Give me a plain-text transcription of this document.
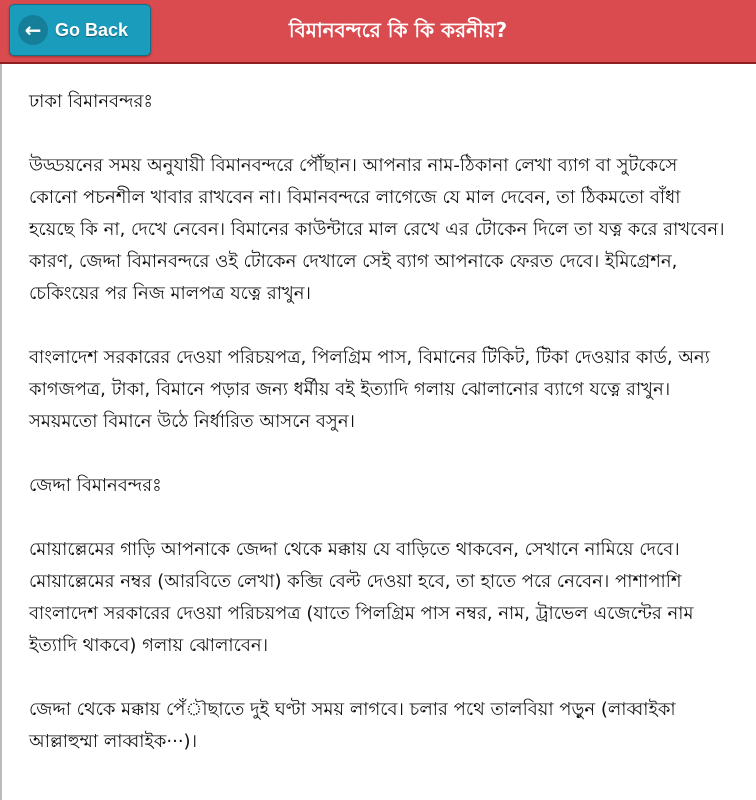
← Go Back	বিমানবন্দরে কি কি করনীয়?

ঢাকা বিমানবন্দরঃ

উড্ডয়নের সময় অনুযায়ী বিমানবন্দরে পৌঁছান। আপনার নাম-ঠিকানা লেখা ব্যাগ বা সুটকেসে কোনো পচনশীল খাবার রাখবেন না। বিমানবন্দরে লাগেজে যে মাল দেবেন, তা ঠিকমতো বাঁধা হয়েছে কি না, দেখে নেবেন। বিমানের কাউন্টারে মাল রেখে এর টোকেন দিলে তা যত্ন করে রাখবেন। কারণ, জেদ্দা বিমানবন্দরে ওই টোকেন দেখালে সেই ব্যাগ আপনাকে ফেরত দেবে। ইমিগ্রেশন, চেকিংয়ের পর নিজ মালপত্র যত্নে রাখুন।

বাংলাদেশ সরকারের দেওয়া পরিচয়পত্র, পিলগ্রিম পাস, বিমানের টিকিট, টিকা দেওয়ার কার্ড, অন্য কাগজপত্র, টাকা, বিমানে পড়ার জন্য ধর্মীয় বই ইত্যাদি গলায় ঝোলানোর ব্যাগে যত্নে রাখুন। সময়মতো বিমানে উঠে নির্ধারিত আসনে বসুন।

জেদ্দা বিমানবন্দরঃ

মোয়াল্লেমের গাড়ি আপনাকে জেদ্দা থেকে মক্কায় যে বাড়িতে থাকবেন, সেখানে নামিয়ে দেবে। মোয়াল্লেমের নম্বর (আরবিতে লেখা) কব্জি বেল্ট দেওয়া হবে, তা হাতে পরে নেবেন। পাশাপাশি বাংলাদেশ সরকারের দেওয়া পরিচয়পত্র (যাতে পিলগ্রিম পাস নম্বর, নাম, ট্রাভেল এজেন্টের নাম ইত্যাদি থাকবে) গলায় ঝোলাবেন।

জেদ্দা থেকে মক্কায় পেঁৗছাতে দুই ঘণ্টা সময় লাগবে। চলার পথে তালবিয়া পড়ুন (লাব্বাইকা আল্লাহুম্মা লাব্বাইক···)।
